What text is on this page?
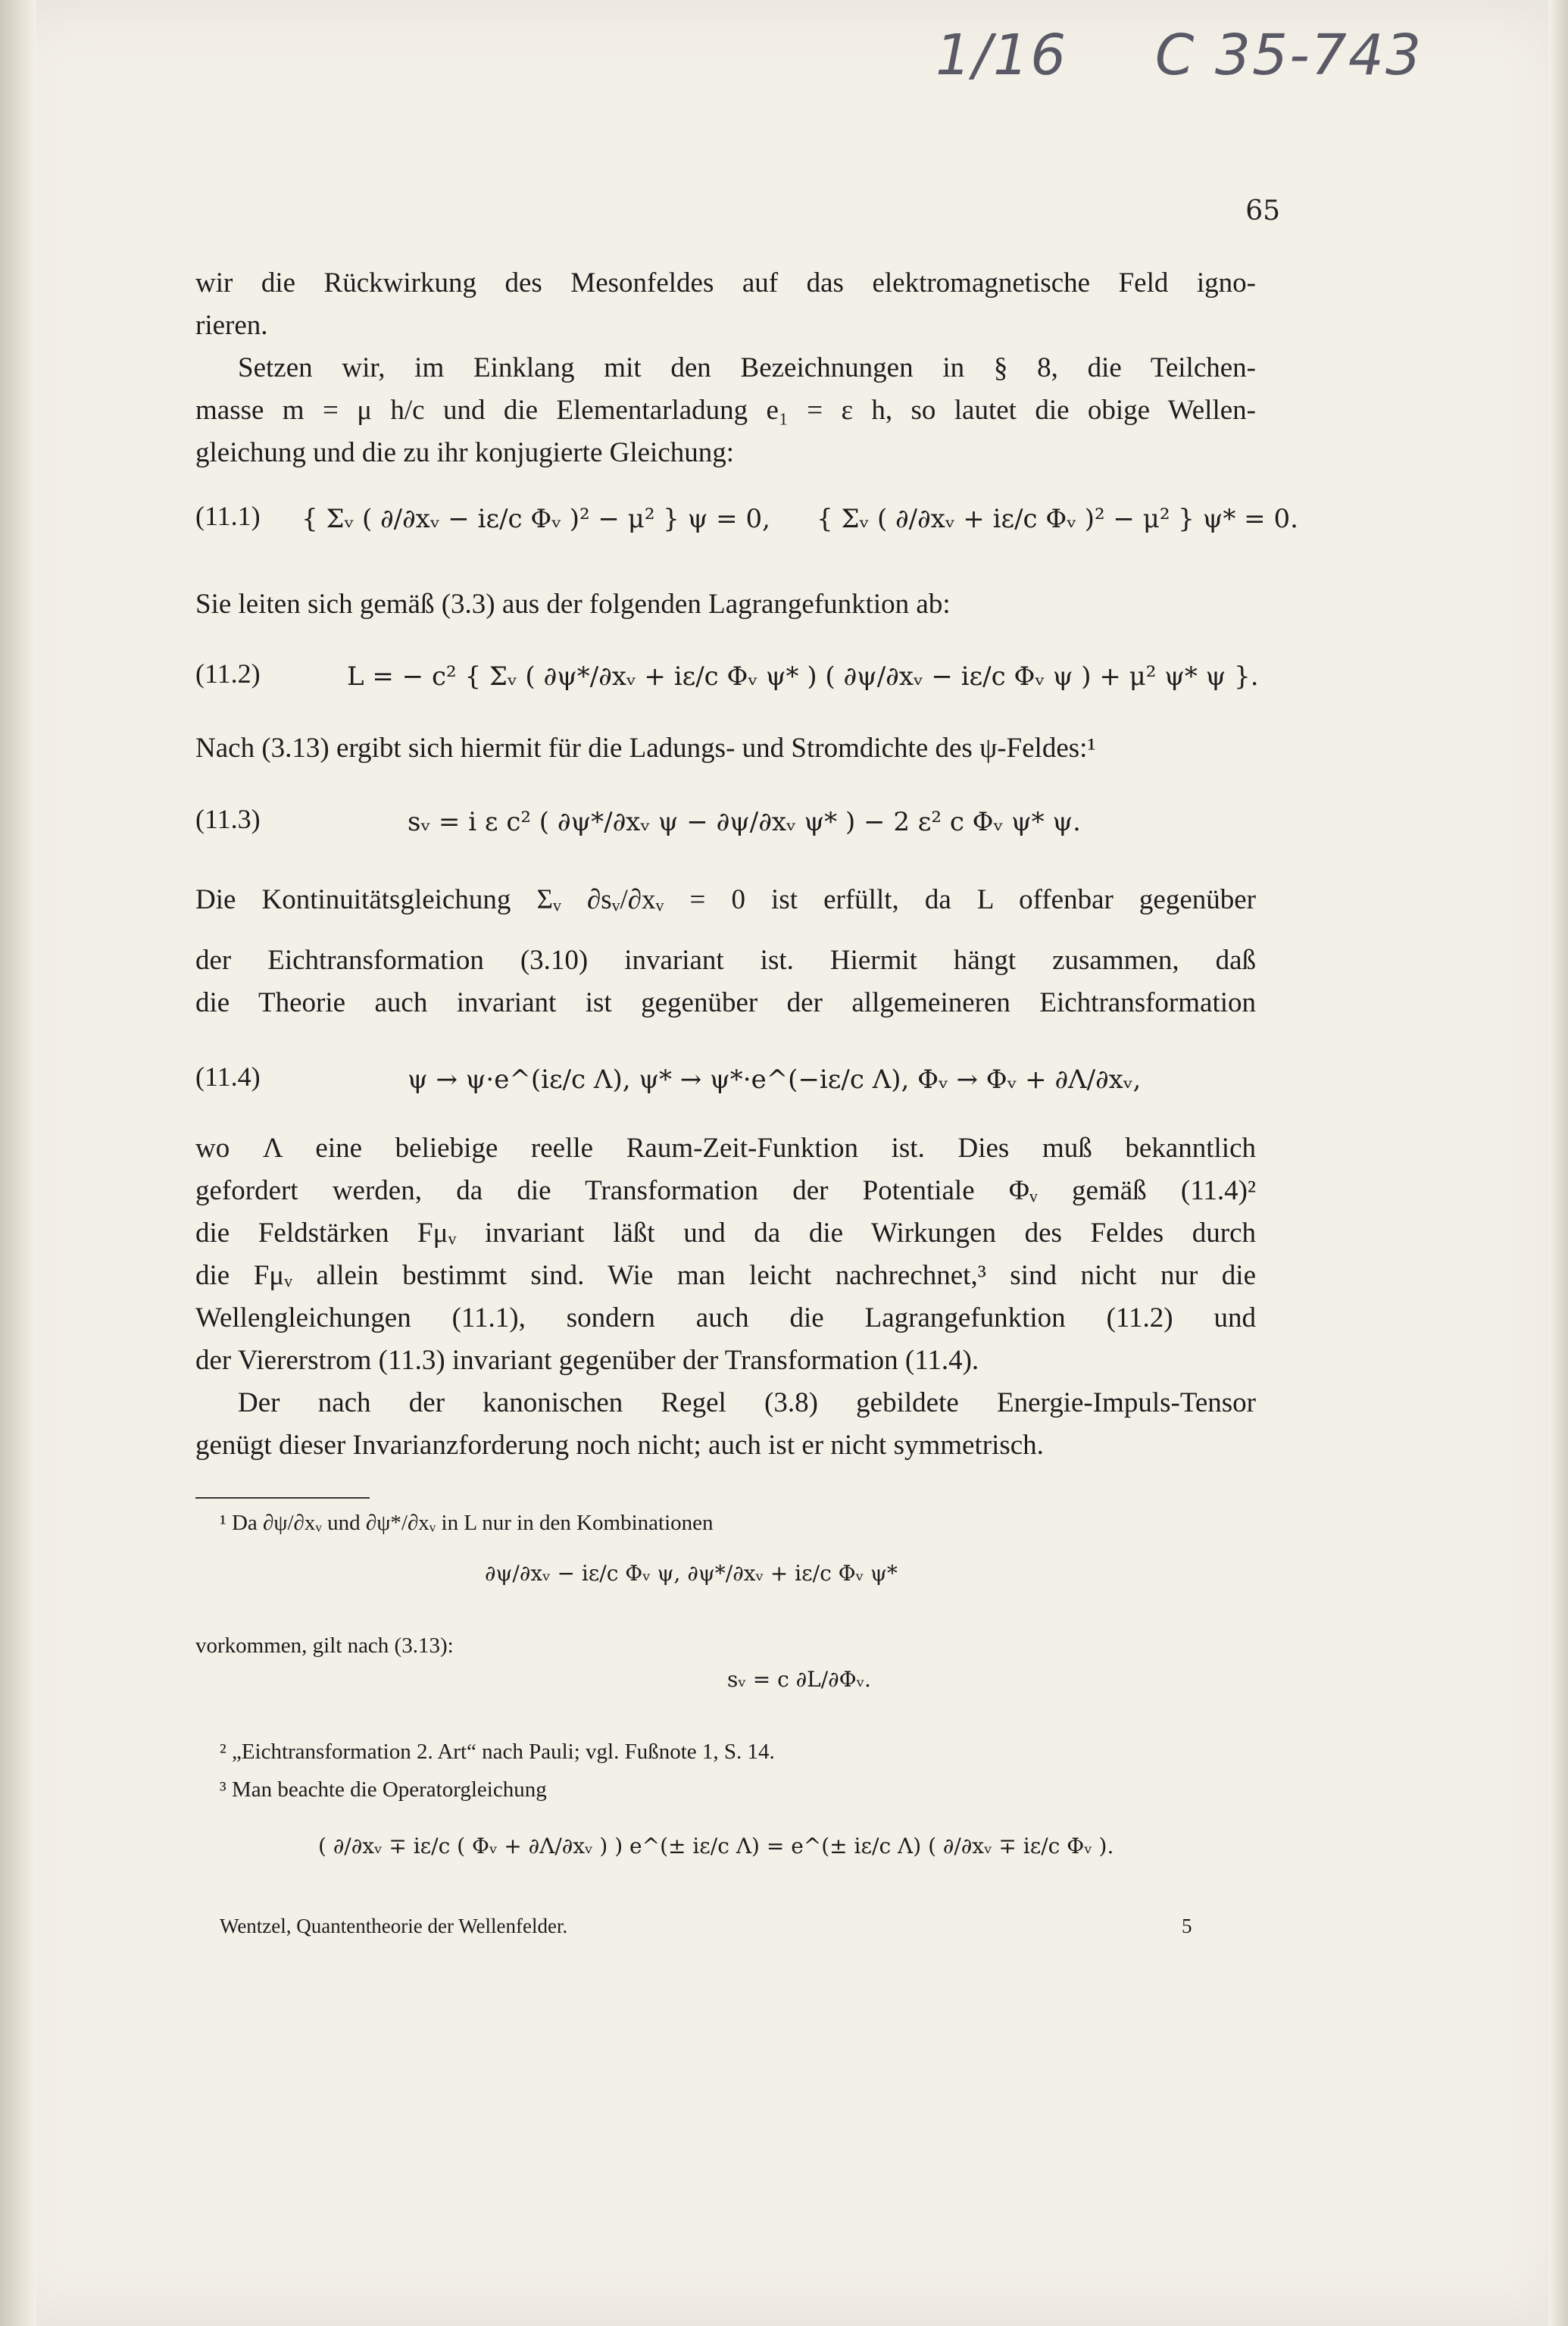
1/16 C 35-743
65
wir die Rückwirkung des Mesonfeldes auf das elektromagnetische Feld igno-
rieren.
Setzen wir, im Einklang mit den Bezeichnungen in § 8, die Teilchen-
masse m = μ h/c und die Elementarladung e₁ = ε h, so lautet die obige Wellen-
gleichung und die zu ihr konjugierte Gleichung:
(11.1) { Σᵥ ( ∂/∂xᵥ − iε/c Φᵥ )² − μ² } ψ = 0, { Σᵥ ( ∂/∂xᵥ + iε/c Φᵥ )² − μ² } ψ* = 0.
Sie leiten sich gemäß (3.3) aus der folgenden Lagrangefunktion ab:
(11.2)	L = − c² { Σᵥ ( ∂ψ*/∂xᵥ + iε/c Φᵥ ψ* ) ( ∂ψ/∂xᵥ − iε/c Φᵥ ψ ) + μ² ψ* ψ }.
Nach (3.13) ergibt sich hiermit für die Ladungs- und Stromdichte des ψ-Feldes:¹
(11.3)	sᵥ = i ε c² ( ∂ψ*/∂xᵥ ψ − ∂ψ/∂xᵥ ψ* ) − 2 ε² c Φᵥ ψ* ψ.
Die Kontinuitätsgleichung Σᵥ ∂sᵥ/∂xᵥ = 0 ist erfüllt, da L offenbar gegenüber
der Eichtransformation (3.10) invariant ist. Hiermit hängt zusammen, daß
die Theorie auch invariant ist gegenüber der allgemeineren Eichtransformation
(11.4)	ψ → ψ·e^(iε/c Λ), ψ* → ψ*·e^(−iε/c Λ), Φᵥ → Φᵥ + ∂Λ/∂xᵥ,
wo Λ eine beliebige reelle Raum-Zeit-Funktion ist. Dies muß bekanntlich
gefordert werden, da die Transformation der Potentiale Φᵥ gemäß (11.4)²
die Feldstärken Fμᵥ invariant läßt und da die Wirkungen des Feldes durch
die Fμᵥ allein bestimmt sind. Wie man leicht nachrechnet,³ sind nicht nur die
Wellengleichungen (11.1), sondern auch die Lagrangefunktion (11.2) und
der Viererstrom (11.3) invariant gegenüber der Transformation (11.4).
Der nach der kanonischen Regel (3.8) gebildete Energie-Impuls-Tensor
genügt dieser Invarianzforderung noch nicht; auch ist er nicht symmetrisch.
¹ Da ∂ψ/∂xᵥ und ∂ψ*/∂xᵥ in L nur in den Kombinationen
∂ψ/∂xᵥ − iε/c Φᵥ ψ, ∂ψ*/∂xᵥ + iε/c Φᵥ ψ*
vorkommen, gilt nach (3.13):
sᵥ = c ∂L/∂Φᵥ.
² „Eichtransformation 2. Art“ nach Pauli; vgl. Fußnote 1, S. 14.
³ Man beachte die Operatorgleichung
( ∂/∂xᵥ ∓ iε/c ( Φᵥ + ∂Λ/∂xᵥ ) ) e^(± iε/c Λ) = e^(± iε/c Λ) ( ∂/∂xᵥ ∓ iε/c Φᵥ ).
Wentzel, Quantentheorie der Wellenfelder.	5
